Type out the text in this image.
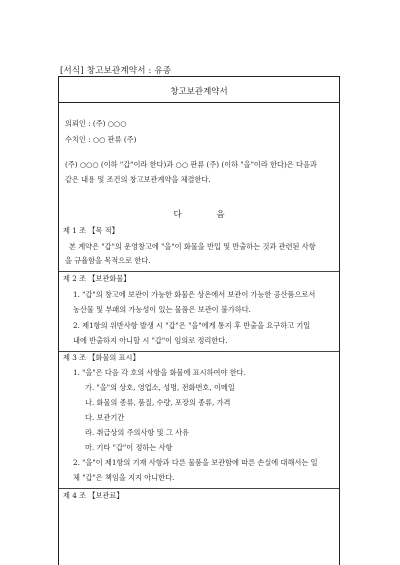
[서식] 창고보관계약서 : 유종
창고보관계약서
의뢰인 : (주) ○○○
수치인 : ○○ 판류 (주)
(주) ○○○ (이하 "갑"이라 한다)과 ○○ 판류 (주) (이하 "을"이라 한다)은 다음과
같은 내용 및 조건의 창고보관계약을 체결한다.
다 음
제 1 조 【목 적】
본 계약은 "갑"의 운영창고에 "을"이 화물을 반입 및 반출하는 것과 관련된 사항
을 규율함을 목적으로 한다.
제 2 조 【보관화물】
1. "갑"의 창고에 보관이 가능한 화물은 상온에서 보관이 가능한 공산품으로서
농산물 및 부패의 가능성이 있는 물품은 보관이 불가하다.
2. 제1항의 위반사항 발생 시 "갑"은 "을"에게 통지 후 반출을 요구하고 기일
내에 반출하지 아니할 시 "갑"이 임의로 정리한다.
제 3 조 【화물의 표시】
1. "을"은 다음 각 호의 사항을 화물에 표시하여야 한다.
가. "을"의 상호, 영업소, 성명, 전화번호, 이메일
나. 화물의 종류, 품질, 수량, 포장의 종류, 가격
다. 보관기간
라. 취급상의 주의사항 및 그 사유
마. 기타 "갑"이 정하는 사항
2. "을"이 제1항의 기재 사항과 다른 물품을 보관함에 따른 손실에 대해서는 일
체 "갑"은 책임을 지지 아니한다.
제 4 조 【보관료】
